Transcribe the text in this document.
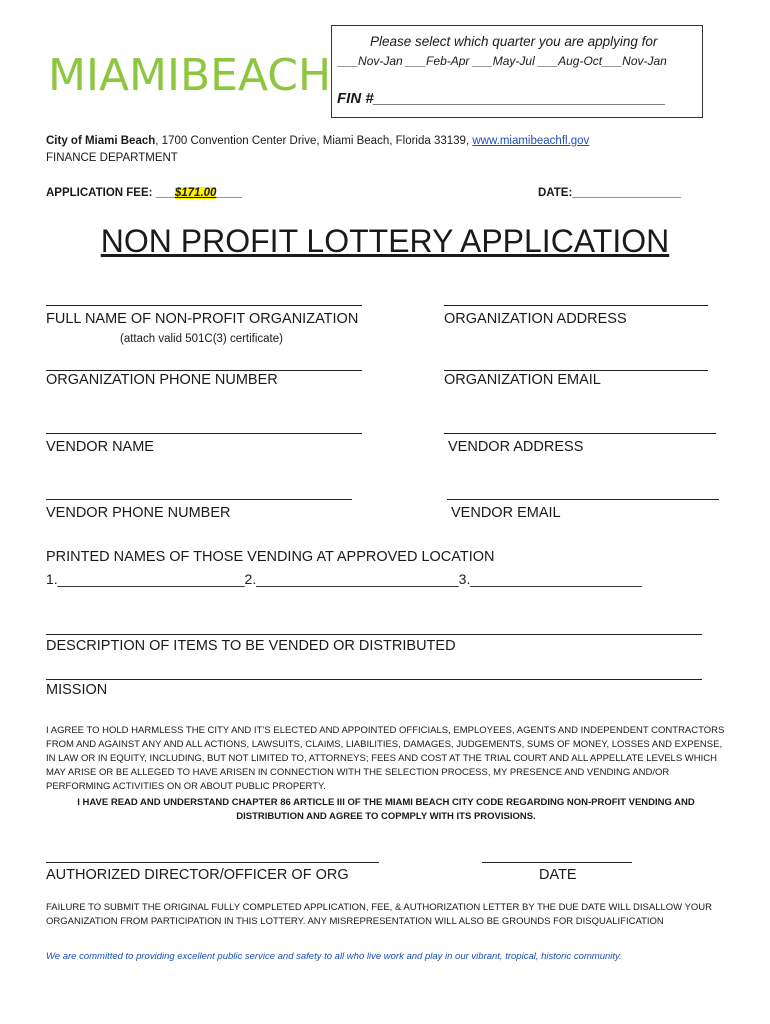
MIAMIBEACH
Please select which quarter you are applying for
___Nov-Jan ___Feb-Apr ___May-Jul ___Aug-Oct___Nov-Jan
FIN #___________________________________
City of Miami Beach, 1700 Convention Center Drive, Miami Beach, Florida 33139, www.miamibeachfl.gov
FINANCE DEPARTMENT
APPLICATION FEE: ___$171.00____	DATE:_________________
NON PROFIT LOTTERY APPLICATION
FULL NAME OF NON-PROFIT ORGANIZATION
(attach valid 501C(3) certificate)
ORGANIZATION ADDRESS
ORGANIZATION PHONE NUMBER	ORGANIZATION EMAIL
VENDOR NAME	VENDOR ADDRESS
VENDOR PHONE NUMBER	VENDOR EMAIL
PRINTED NAMES OF THOSE VENDING AT APPROVED LOCATION
1.________________________2.__________________________3.______________________
DESCRIPTION OF ITEMS TO BE VENDED OR DISTRIBUTED
MISSION
I AGREE TO HOLD HARMLESS THE CITY AND IT’S ELECTED AND APPOINTED OFFICIALS, EMPLOYEES, AGENTS AND INDEPENDENT CONTRACTORS FROM AND AGAINST ANY AND ALL ACTIONS, LAWSUITS, CLAIMS, LIABILITIES, DAMAGES, JUDGEMENTS, SUMS OF MONEY, LOSSES AND EXPENSE, IN LAW OR IN EQUITY, INCLUDING, BUT NOT LIMITED TO, ATTORNEYS; FEES AND COST AT THE TRIAL COURT AND ALL APPELLATE LEVELS WHICH MAY ARISE OR BE ALLEGED TO HAVE ARISEN IN CONNECTION WITH THE SELECTION PROCESS, MY PRESENCE AND VENDING AND/OR PERFORMING ACTIVITIES ON OR ABOUT PUBLIC PROPERTY.
I HAVE READ AND UNDERSTAND CHAPTER 86 ARTICLE III OF THE MIAMI BEACH CITY CODE REGARDING NON-PROFIT VENDING AND DISTRIBUTION AND AGREE TO COPMPLY WITH ITS PROVISIONS.
AUTHORIZED DIRECTOR/OFFICER OF ORG	DATE
FAILURE TO SUBMIT THE ORIGINAL FULLY COMPLETED APPLICATION, FEE, & AUTHORIZATION LETTER BY THE DUE DATE WILL DISALLOW YOUR ORGANIZATION FROM PARTICIPATION IN THIS LOTTERY. ANY MISREPRESENTATION WILL ALSO BE GROUNDS FOR DISQUALIFICATION
We are committed to providing excellent public service and safety to all who live work and play in our vibrant, tropical, historic community.
